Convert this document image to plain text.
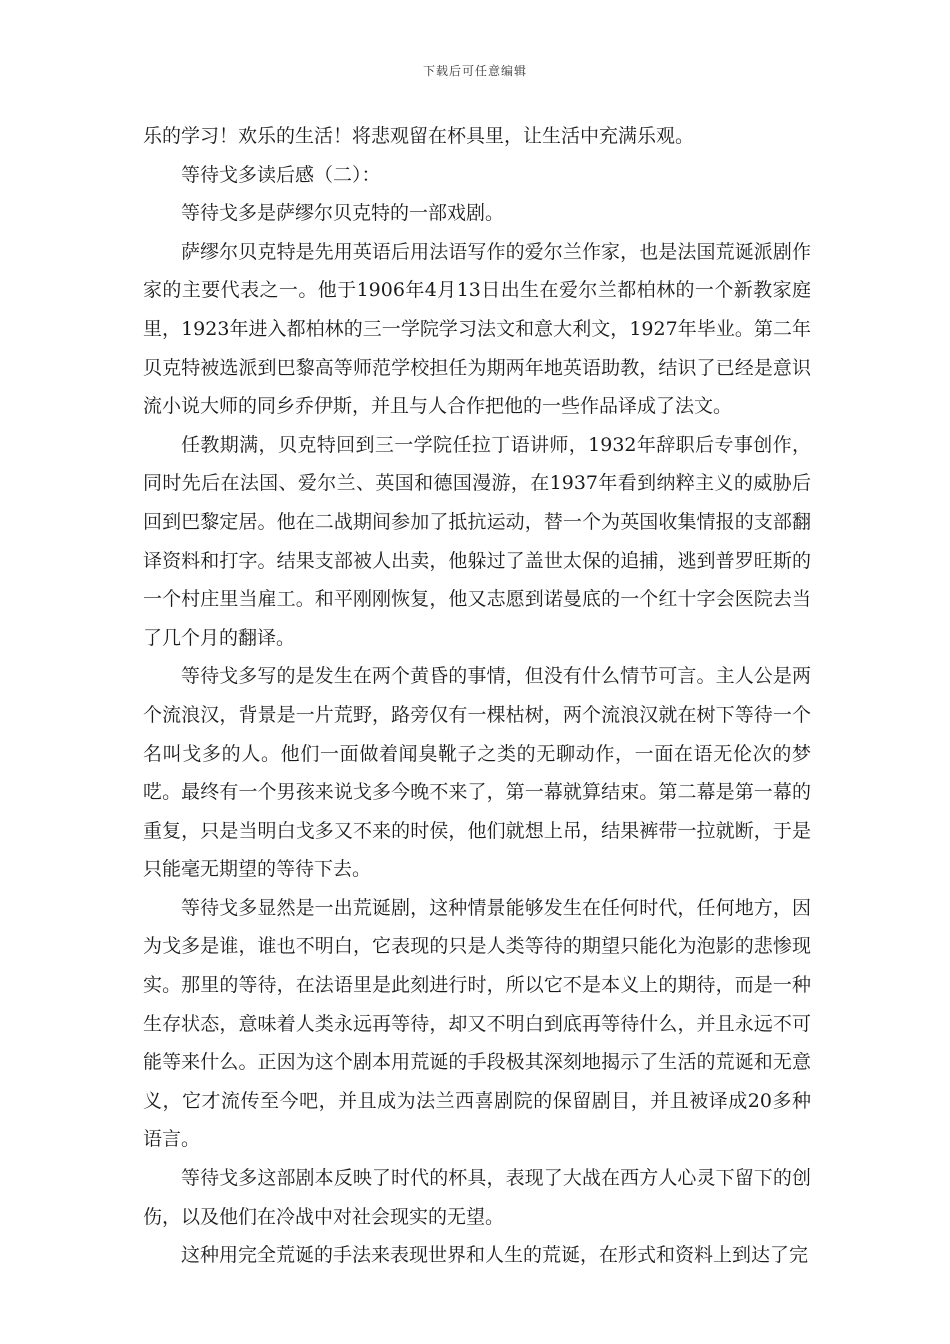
下载后可任意编辑

乐的学习！欢乐的生活！将悲观留在杯具里，让生活中充满乐观。

等待戈多读后感（二）：

等待戈多是萨缪尔贝克特的一部戏剧。

萨缪尔贝克特是先用英语后用法语写作的爱尔兰作家，也是法国荒诞派剧作家的主要代表之一。他于1906年4月13日出生在爱尔兰都柏林的一个新教家庭里，1923年进入都柏林的三一学院学习法文和意大利文，1927年毕业。第二年贝克特被选派到巴黎高等师范学校担任为期两年地英语助教，结识了已经是意识流小说大师的同乡乔伊斯，并且与人合作把他的一些作品译成了法文。

任教期满，贝克特回到三一学院任拉丁语讲师，1932年辞职后专事创作，同时先后在法国、爱尔兰、英国和德国漫游，在1937年看到纳粹主义的威胁后回到巴黎定居。他在二战期间参加了抵抗运动，替一个为英国收集情报的支部翻译资料和打字。结果支部被人出卖，他躲过了盖世太保的追捕，逃到普罗旺斯的一个村庄里当雇工。和平刚刚恢复，他又志愿到诺曼底的一个红十字会医院去当了几个月的翻译。

等待戈多写的是发生在两个黄昏的事情，但没有什么情节可言。主人公是两个流浪汉，背景是一片荒野，路旁仅有一棵枯树，两个流浪汉就在树下等待一个名叫戈多的人。他们一面做着闻臭靴子之类的无聊动作，一面在语无伦次的梦呓。最终有一个男孩来说戈多今晚不来了，第一幕就算结束。第二幕是第一幕的重复，只是当明白戈多又不来的时侯，他们就想上吊，结果裤带一拉就断，于是只能毫无期望的等待下去。

等待戈多显然是一出荒诞剧，这种情景能够发生在任何时代，任何地方，因为戈多是谁，谁也不明白，它表现的只是人类等待的期望只能化为泡影的悲惨现实。那里的等待，在法语里是此刻进行时，所以它不是本义上的期待，而是一种生存状态，意味着人类永远再等待，却又不明白到底再等待什么，并且永远不可能等来什么。正因为这个剧本用荒诞的手段极其深刻地揭示了生活的荒诞和无意义，它才流传至今吧，并且成为法兰西喜剧院的保留剧目，并且被译成20多种语言。

等待戈多这部剧本反映了时代的杯具，表现了大战在西方人心灵下留下的创伤，以及他们在冷战中对社会现实的无望。

这种用完全荒诞的手法来表现世界和人生的荒诞，在形式和资料上到达了完
